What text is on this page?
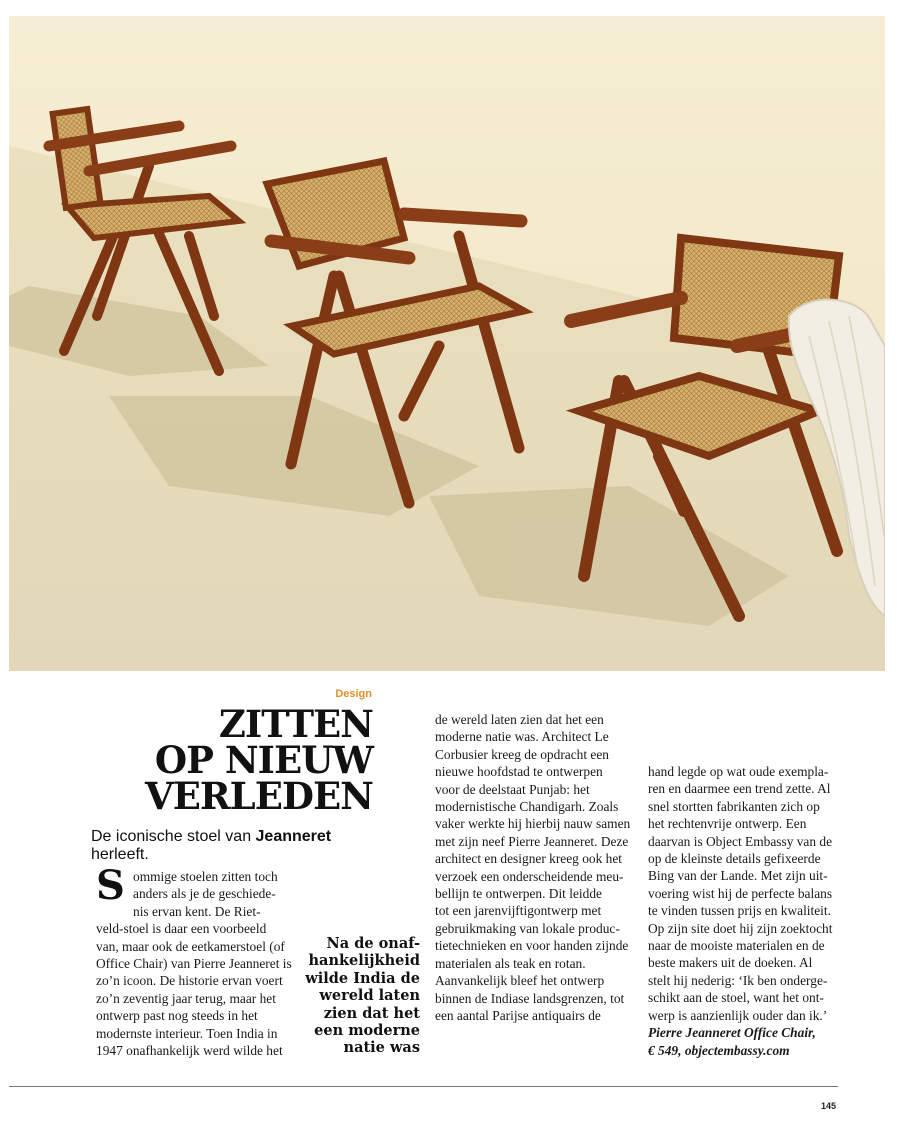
Design
ZITTEN
OP NIEUW
VERLEDEN
De iconische stoel van Jeanneret herleeft.
S ommige stoelen zitten toch
anders als je de geschiede-
nis ervan kent. De Riet-
veld-stoel is daar een voorbeeld
van, maar ook de eetkamerstoel (of
Office Chair) van Pierre Jeanneret is
zo’n icoon. De historie ervan voert
zo’n zeventig jaar terug, maar het
ontwerp past nog steeds in het
modernste interieur. Toen India in
1947 onafhankelijk werd wilde het
Na de onaf-
hankelijkheid
wilde India de
wereld laten
zien dat het
een moderne
natie was
de wereld laten zien dat het een
moderne natie was. Architect Le
Corbusier kreeg de opdracht een
nieuwe hoofdstad te ontwerpen
voor de deelstaat Punjab: het
modernistische Chandigarh. Zoals
vaker werkte hij hierbij nauw samen
met zijn neef Pierre Jeanneret. Deze
architect en designer kreeg ook het
verzoek een onderscheidende meu-
bellijn te ontwerpen. Dit leidde
tot een jarenvijftigontwerp met
gebruikmaking van lokale produc-
tietechnieken en voor handen zijnde
materialen als teak en rotan.
Aanvankelijk bleef het ontwerp
binnen de Indiase landsgrenzen, tot
een aantal Parijse antiquairs de
hand legde op wat oude exempla-
ren en daarmee een trend zette. Al
snel stortten fabrikanten zich op
het rechtenvrije ontwerp. Een
daarvan is Object Embassy van de
op de kleinste details gefixeerde
Bing van der Lande. Met zijn uit-
voering wist hij de perfecte balans
te vinden tussen prijs en kwaliteit.
Op zijn site doet hij zijn zoektocht
naar de mooiste materialen en de
beste makers uit de doeken. Al
stelt hij nederig: ‘Ik ben onderge-
schikt aan de stoel, want het ont-
werp is aanzienlijk ouder dan ik.’
Pierre Jeanneret Office Chair,
€ 549, objectembassy.com
145
